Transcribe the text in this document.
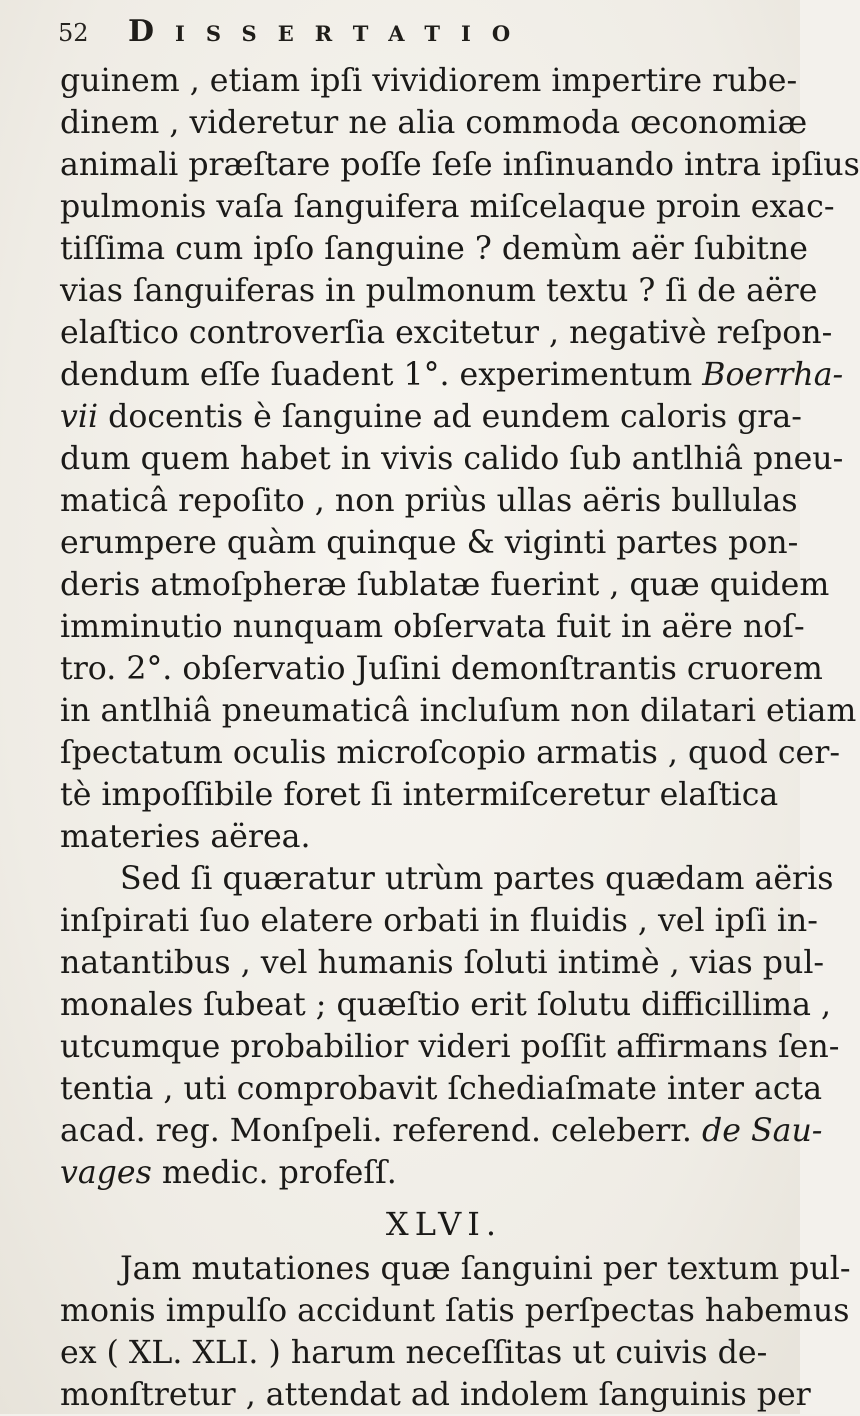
52	Dissertatio
guinem , etiam ipſi vividiorem impertire rube-
dinem , videretur ne alia commoda œconomiæ
animali præſtare poſſe ſeſe inſinuando intra ipſius
pulmonis vaſa ſanguifera miſcelaque proin exac-
tiſſima cum ipſo ſanguine ? demùm aër ſubitne
vias ſanguiferas in pulmonum textu ? ſi de aëre
elaſtico controverſia excitetur , negativè reſpon-
dendum eſſe ſuadent 1°. experimentum Boerrha-
vii docentis è ſanguine ad eundem caloris gra-
dum quem habet in vivis calido ſub antlhiâ pneu-
maticâ repoſito , non priùs ullas aëris bullulas
erumpere quàm quinque & viginti partes pon-
deris atmoſpheræ ſublatæ fuerint , quæ quidem
imminutio nunquam obſervata fuit in aëre noſ-
tro. 2°. obſervatio Juſini demonſtrantis cruorem
in antlhiâ pneumaticâ incluſum non dilatari etiam
ſpectatum oculis microſcopio armatis , quod cer-
tè impoſſibile foret ſi intermiſceretur elaſtica
materies aërea.
Sed ſi quæratur utrùm partes quædam aëris
inſpirati ſuo elatere orbati in fluidis , vel ipſi in-
natantibus , vel humanis ſoluti intimè , vias pul-
monales ſubeat ; quæſtio erit ſolutu difficillima ,
utcumque probabilior videri poſſit affirmans ſen-
tentia , uti comprobavit ſchediaſmate inter acta
acad. reg. Monſpeli. referend. celeberr. de Sau-
vages medic. profeſſ.
XLVI.
Jam mutationes quæ ſanguini per textum pul-
monis impulſo accidunt ſatis perſpectas habemus
ex ( XL. XLI. ) harum neceſſitas ut cuivis de-
monſtretur , attendat ad indolem ſanguinis per
